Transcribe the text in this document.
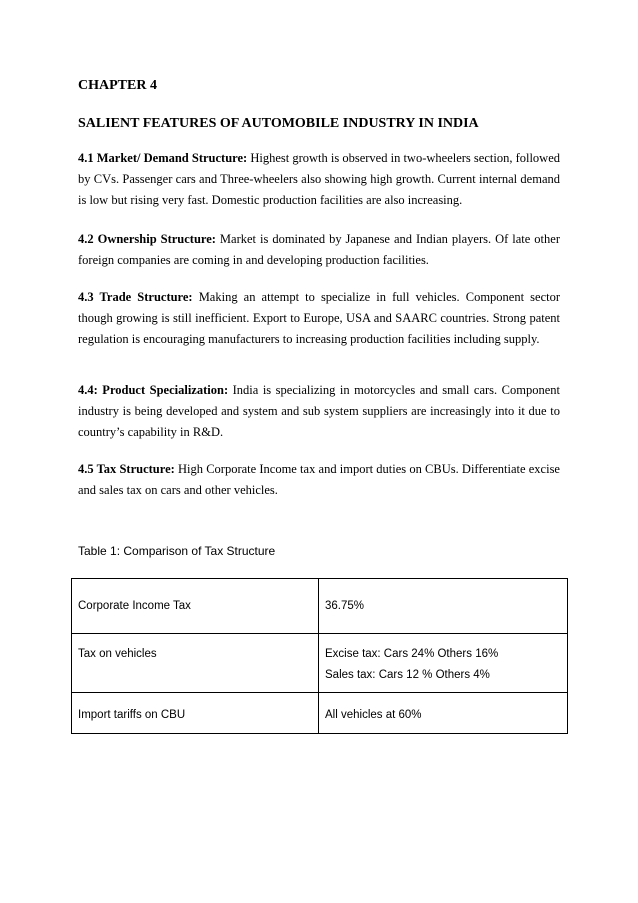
CHAPTER 4
SALIENT FEATURES OF AUTOMOBILE INDUSTRY IN INDIA
4.1 Market/ Demand Structure: Highest growth is observed in two-wheelers section, followed by CVs. Passenger cars and Three-wheelers also showing high growth. Current internal demand is low but rising very fast. Domestic production facilities are also increasing.
4.2 Ownership Structure: Market is dominated by Japanese and Indian players. Of late other foreign companies are coming in and developing production facilities.
4.3 Trade Structure: Making an attempt to specialize in full vehicles. Component sector though growing is still inefficient. Export to Europe, USA and SAARC countries. Strong patent regulation is encouraging manufacturers to increasing production facilities including supply.
4.4: Product Specialization: India is specializing in motorcycles and small cars. Component industry is being developed and system and sub system suppliers are increasingly into it due to country’s capability in R&D.
4.5 Tax Structure: High Corporate Income tax and import duties on CBUs. Differentiate excise and sales tax on cars and other vehicles.
Table 1: Comparison of Tax Structure
Corporate Income Tax	36.75%

Tax on vehicles	Excise tax: Cars 24% Others 16%
Sales tax: Cars 12 % Others 4%

Import tariffs on CBU	All vehicles at 60%
